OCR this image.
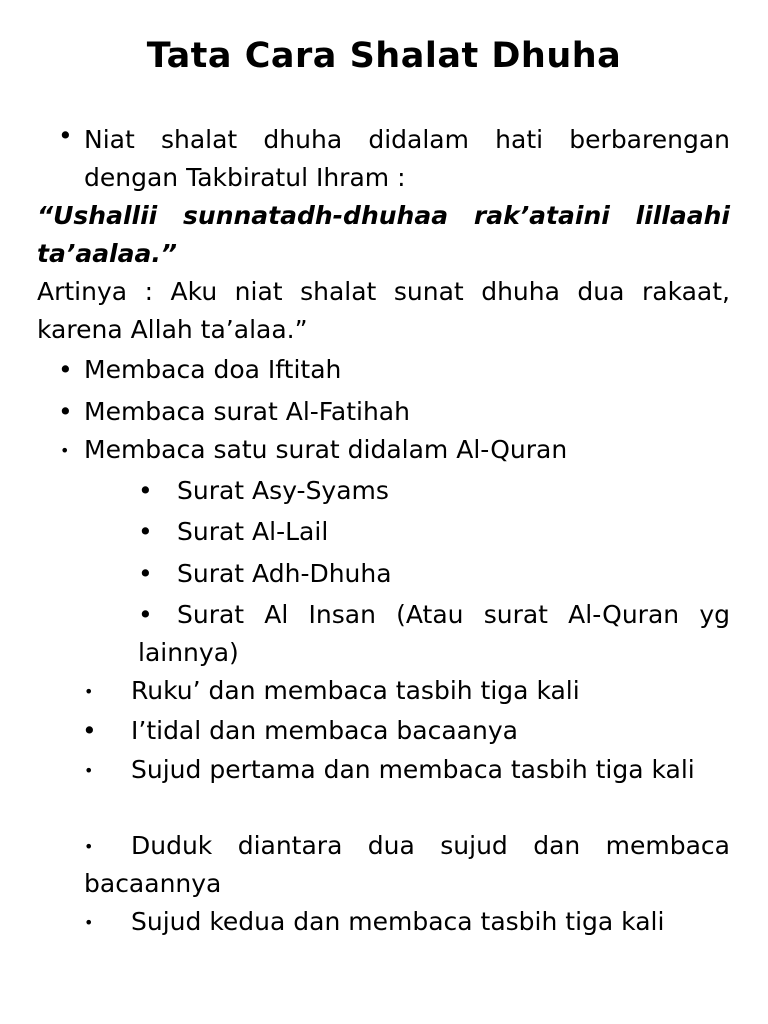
Tata Cara Shalat Dhuha
• Niat shalat dhuha didalam hati berbarengan dengan Takbiratul Ihram :
“Ushallii sunnatadh-dhuhaa rak’ataini lillaahi ta’aalaa.”
Artinya : Aku niat shalat sunat dhuha dua rakaat, karena Allah ta’alaa.”
• Membaca doa Iftitah
• Membaca surat Al-Fatihah
• Membaca satu surat didalam Al-Quran
• Surat Asy-Syams
• Surat Al-Lail
• Surat Adh-Dhuha
• Surat Al Insan (Atau surat Al-Quran yg lainnya)
• Ruku’ dan membaca tasbih tiga kali
• I’tidal dan membaca bacaanya
•	Sujud pertama dan membaca tasbih tiga kali
•	Duduk diantara dua sujud dan membaca bacaannya
•	Sujud kedua dan membaca tasbih tiga kali
